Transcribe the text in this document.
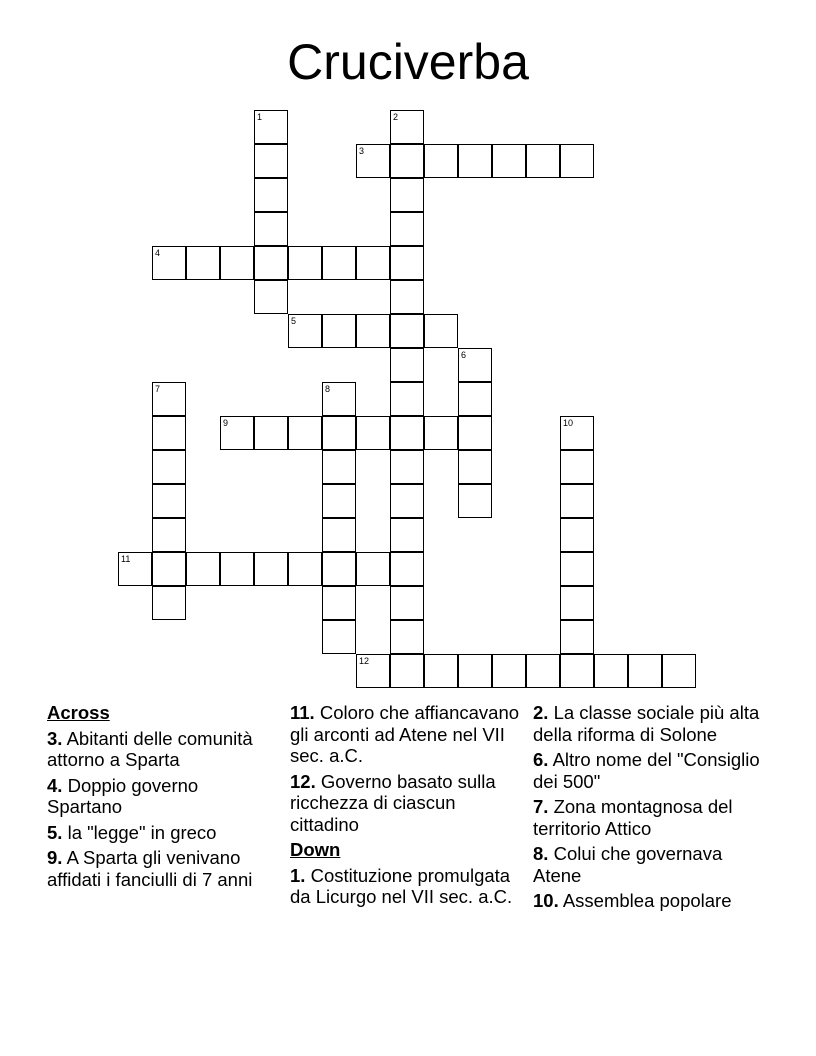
Cruciverba
1	2
3
4
5
6
7	8
9	10
11
12
Across
3. Abitanti delle comunità attorno a Sparta
4. Doppio governo Spartano
5. la "legge" in greco
9. A Sparta gli venivano affidati i fanciulli di 7 anni
11. Coloro che affiancavano gli arconti ad Atene nel VII sec. a.C.
12. Governo basato sulla ricchezza di ciascun cittadino
Down
1. Costituzione promulgata da Licurgo nel VII sec. a.C.
2. La classe sociale più alta della riforma di Solone
6. Altro nome del "Consiglio dei 500"
7. Zona montagnosa del territorio Attico
8. Colui che governava Atene
10. Assemblea popolare
